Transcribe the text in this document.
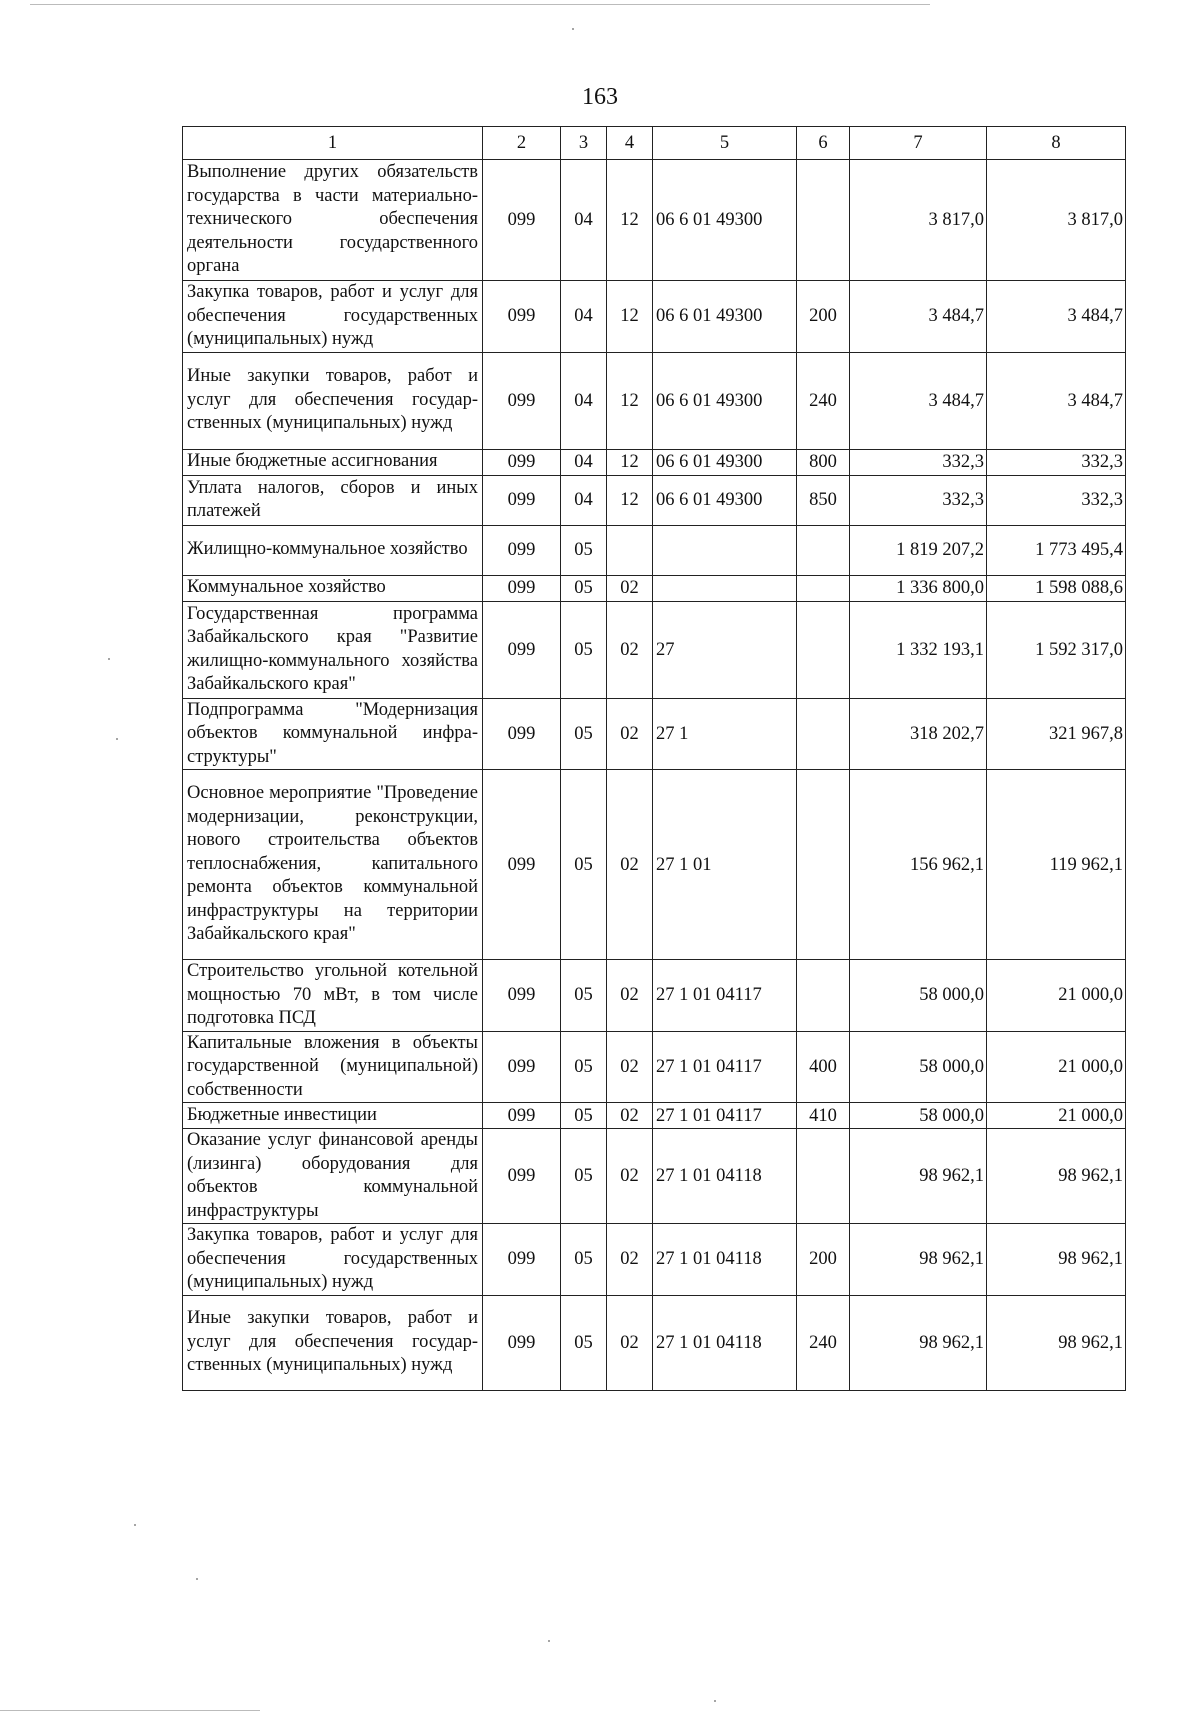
163
1	2	3	4	5	6	7	8
Выполнение других обязательств государства в части материально-технического обеспечения деятельности государственного органа	099	04	12	06 6 01 49300		3 817,0	3 817,0
Закупка товаров, работ и услуг для обеспечения государственных (муниципальных) нужд	099	04	12	06 6 01 49300	200	3 484,7	3 484,7
Иные закупки товаров, работ и услуг для обеспечения государственных (муниципальных) нужд	099	04	12	06 6 01 49300	240	3 484,7	3 484,7
Иные бюджетные ассигнования	099	04	12	06 6 01 49300	800	332,3	332,3
Уплата налогов, сборов и иных платежей	099	04	12	06 6 01 49300	850	332,3	332,3
Жилищно-коммунальное хозяйство	099	05				1 819 207,2	1 773 495,4
Коммунальное хозяйство	099	05	02			1 336 800,0	1 598 088,6
Государственная программа Забайкальского края "Развитие жилищно-коммунального хозяйства Забайкальского края"	099	05	02	27		1 332 193,1	1 592 317,0
Подпрограмма "Модернизация объектов коммунальной инфраструктуры"	099	05	02	27 1		318 202,7	321 967,8
Основное мероприятие "Проведение модернизации, реконструкции, нового строительства объектов теплоснабжения, капитального ремонта объектов коммунальной инфраструктуры на территории Забайкальского края"	099	05	02	27 1 01		156 962,1	119 962,1
Строительство угольной котельной мощностью 70 мВт, в том числе подготовка ПСД	099	05	02	27 1 01 04117		58 000,0	21 000,0
Капитальные вложения в объекты государственной (муниципальной) собственности	099	05	02	27 1 01 04117	400	58 000,0	21 000,0
Бюджетные инвестиции	099	05	02	27 1 01 04117	410	58 000,0	21 000,0
Оказание услуг финансовой аренды (лизинга) оборудования для объектов коммунальной инфраструктуры	099	05	02	27 1 01 04118		98 962,1	98 962,1
Закупка товаров, работ и услуг для обеспечения государственных (муниципальных) нужд	099	05	02	27 1 01 04118	200	98 962,1	98 962,1
Иные закупки товаров, работ и услуг для обеспечения государственных (муниципальных) нужд	099	05	02	27 1 01 04118	240	98 962,1	98 962,1
